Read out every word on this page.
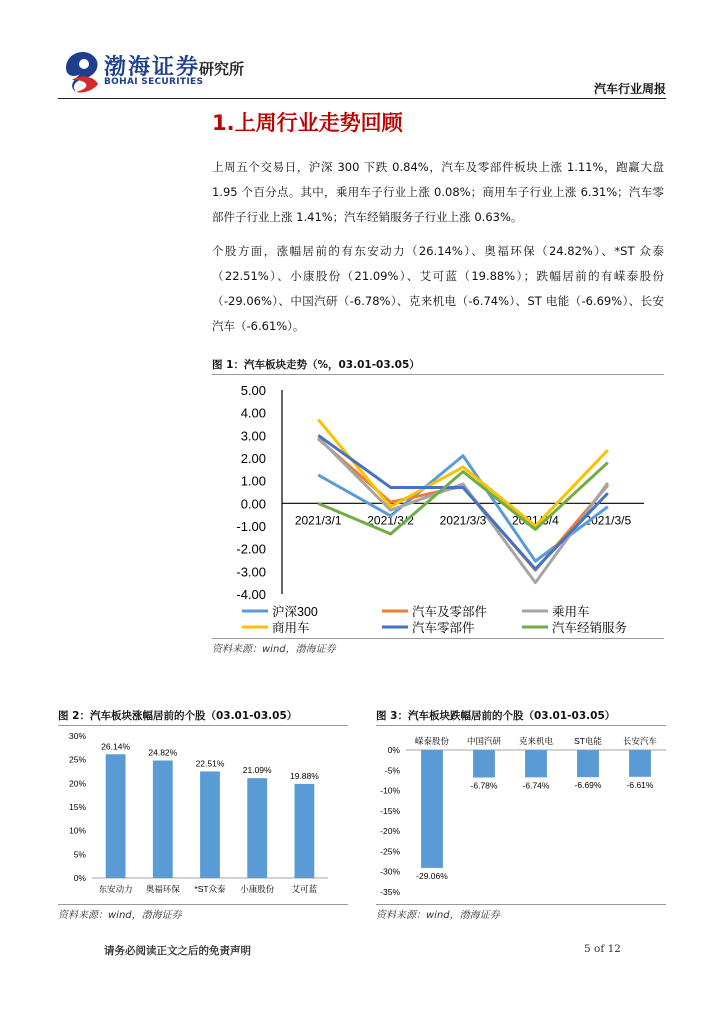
渤海证券
BOHAI SECURITIES
研究所
汽车行业周报
1.上周行业走势回顾
上周五个交易日，沪深 300 下跌 0.84%，汽车及零部件板块上涨 1.11%，跑赢大盘 1.95 个百分点。其中，乘用车子行业上涨 0.08%；商用车子行业上涨 6.31%；汽车零部件子行业上涨 1.41%；汽车经销服务子行业上涨 0.63%。
个股方面，涨幅居前的有东安动力（26.14%）、奥福环保（24.82%）、*ST 众泰（22.51%）、小康股份（21.09%）、艾可蓝（19.88%）；跌幅居前的有嵘泰股份（-29.06%）、中国汽研（-6.78%）、克来机电（-6.74%）、ST 电能（-6.69%）、长安汽车（-6.61%）。
图 1：汽车板块走势（%，03.01-03.05）
5.00
4.00
3.00
2.00
1.00
0.00
-1.00
-2.00
-3.00
-4.00
2021/3/1 2021/3/2 2021/3/3 2021/3/4 2021/3/5
沪深300	汽车及零部件	乘用车
商用车	汽车零部件	汽车经销服务
资料来源：wind，渤海证券
图 2：汽车板块涨幅居前的个股（03.01-03.05）	图 3：汽车板块跌幅居前的个股（03.01-03.05）
30%
25%
20%
15%
10%
5%
0%
26.14%
东安动力
24.82%
奥福环保
22.51%
*ST众泰
21.09%
小康股份
19.88%
艾可蓝
0%
-5%
-10%
-15%
-20%
-25%
-30%
-35%
-29.06%
嵘泰股份
-6.78%
中国汽研
-6.74%
克来机电
-6.69%
ST电能
-6.61%
长安汽车
资料来源：wind，渤海证券	资料来源：wind，渤海证券
请务必阅读正文之后的免责声明	5 of 12
